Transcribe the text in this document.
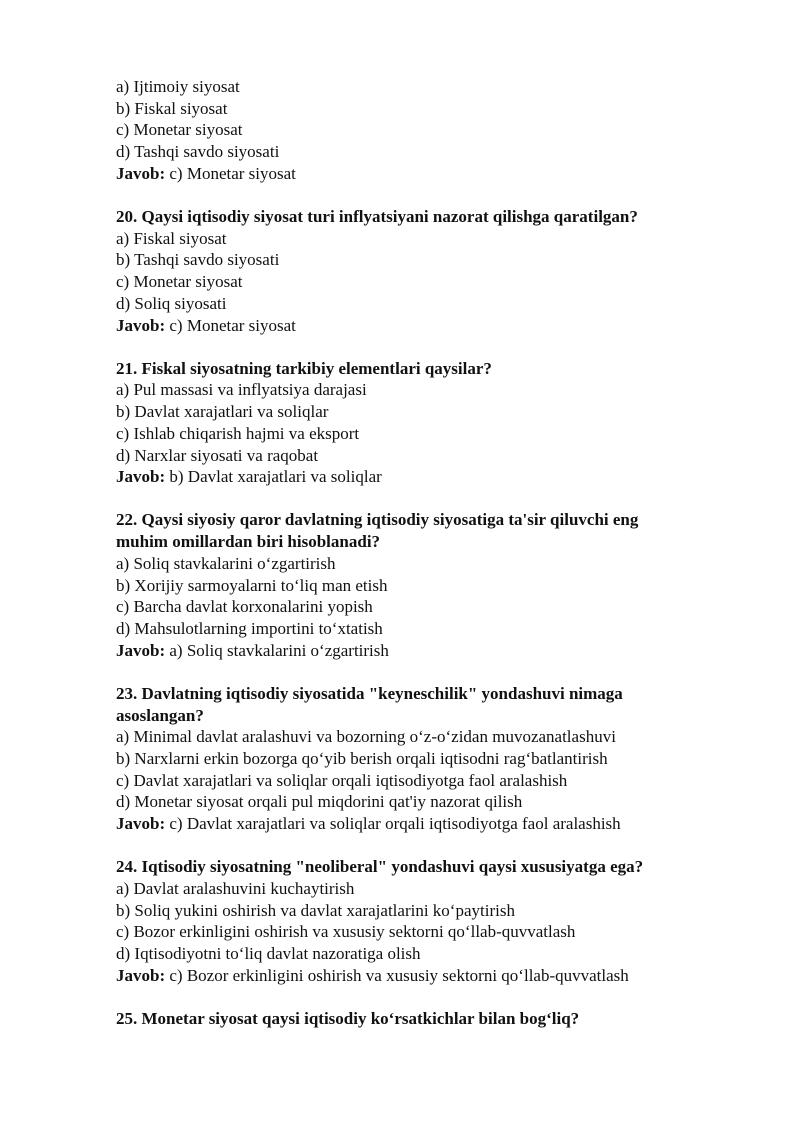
a) Ijtimoiy siyosat
b) Fiskal siyosat
c) Monetar siyosat
d) Tashqi savdo siyosati
Javob: c) Monetar siyosat
20. Qaysi iqtisodiy siyosat turi inflyatsiyani nazorat qilishga qaratilgan?
a) Fiskal siyosat
b) Tashqi savdo siyosati
c) Monetar siyosat
d) Soliq siyosati
Javob: c) Monetar siyosat
21. Fiskal siyosatning tarkibiy elementlari qaysilar?
a) Pul massasi va inflyatsiya darajasi
b) Davlat xarajatlari va soliqlar
c) Ishlab chiqarish hajmi va eksport
d) Narxlar siyosati va raqobat
Javob: b) Davlat xarajatlari va soliqlar
22. Qaysi siyosiy qaror davlatning iqtisodiy siyosatiga ta'sir qiluvchi eng
muhim omillardan biri hisoblanadi?
a) Soliq stavkalarini o‘zgartirish
b) Xorijiy sarmoyalarni to‘liq man etish
c) Barcha davlat korxonalarini yopish
d) Mahsulotlarning importini to‘xtatish
Javob: a) Soliq stavkalarini o‘zgartirish
23. Davlatning iqtisodiy siyosatida "keyneschilik" yondashuvi nimaga
asoslangan?
a) Minimal davlat aralashuvi va bozorning o‘z-o‘zidan muvozanatlashuvi
b) Narxlarni erkin bozorga qo‘yib berish orqali iqtisodni rag‘batlantirish
c) Davlat xarajatlari va soliqlar orqali iqtisodiyotga faol aralashish
d) Monetar siyosat orqali pul miqdorini qat'iy nazorat qilish
Javob: c) Davlat xarajatlari va soliqlar orqali iqtisodiyotga faol aralashish
24. Iqtisodiy siyosatning "neoliberal" yondashuvi qaysi xususiyatga ega?
a) Davlat aralashuvini kuchaytirish
b) Soliq yukini oshirish va davlat xarajatlarini ko‘paytirish
c) Bozor erkinligini oshirish va xususiy sektorni qo‘llab-quvvatlash
d) Iqtisodiyotni to‘liq davlat nazoratiga olish
Javob: c) Bozor erkinligini oshirish va xususiy sektorni qo‘llab-quvvatlash
25. Monetar siyosat qaysi iqtisodiy ko‘rsatkichlar bilan bog‘liq?
